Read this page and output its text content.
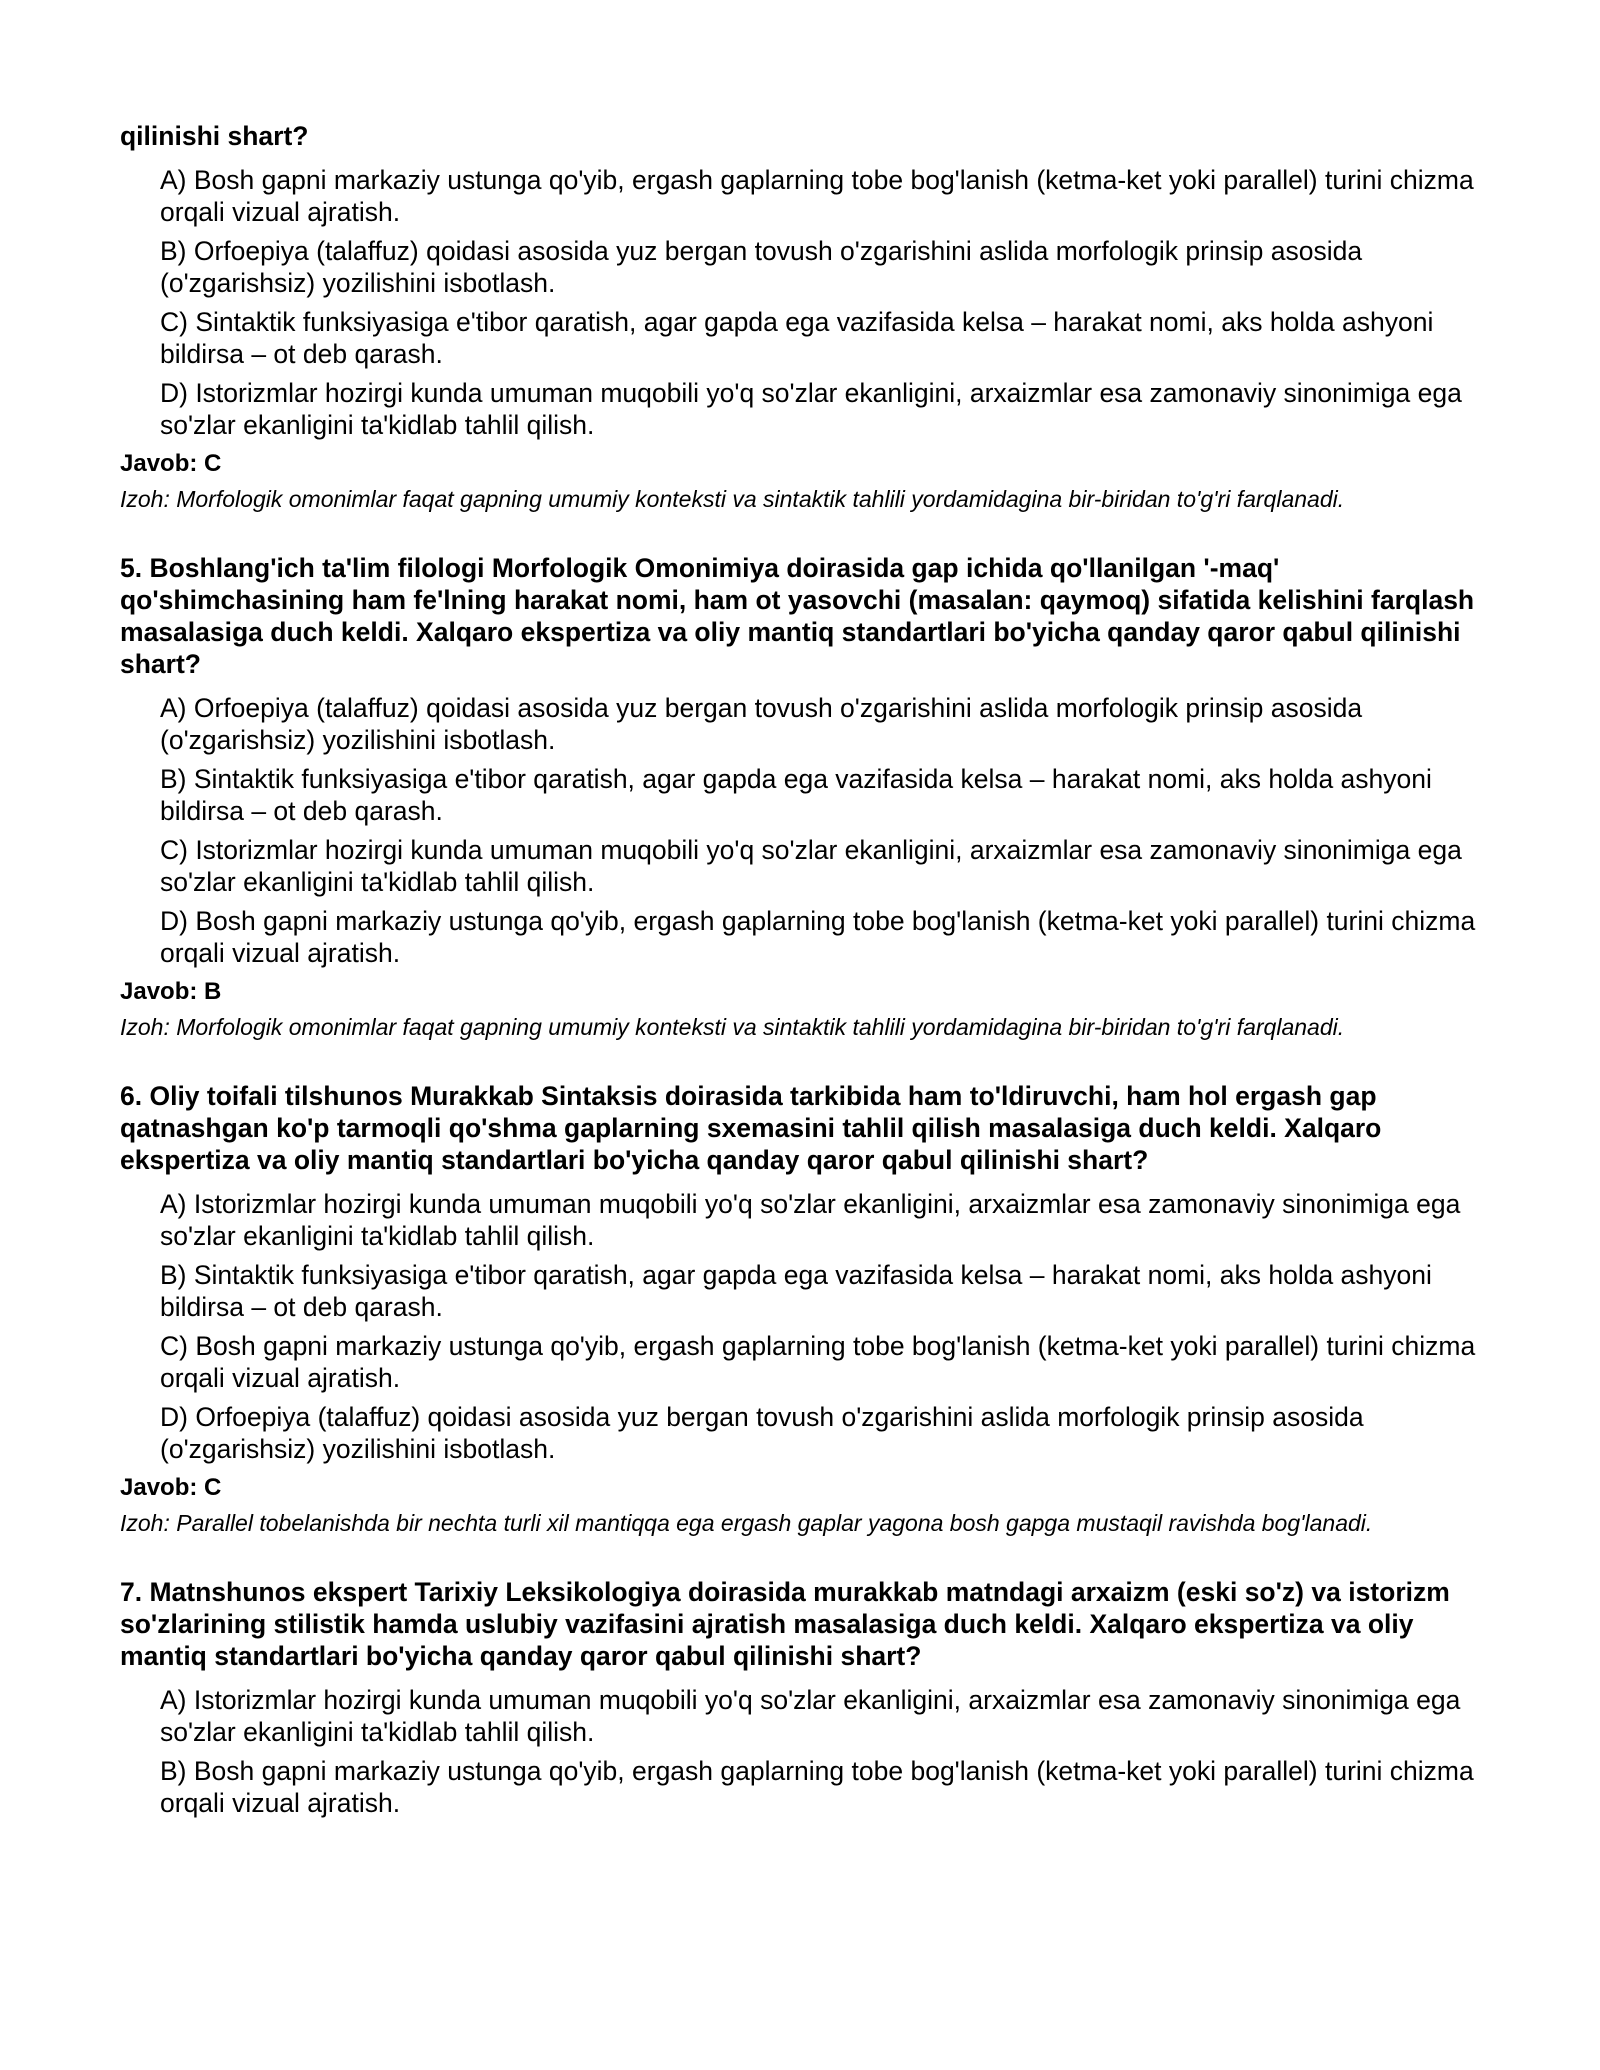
qilinishi shart?

A) Bosh gapni markaziy ustunga qo'yib, ergash gaplarning tobe bog'lanish (ketma-ket yoki parallel) turini chizma orqali vizual ajratish.

B) Orfoepiya (talaffuz) qoidasi asosida yuz bergan tovush o'zgarishini aslida morfologik prinsip asosida (o'zgarishsiz) yozilishini isbotlash.

C) Sintaktik funksiyasiga e'tibor qaratish, agar gapda ega vazifasida kelsa – harakat nomi, aks holda ashyoni bildirsa – ot deb qarash.

D) Istorizmlar hozirgi kunda umuman muqobili yo'q so'zlar ekanligini, arxaizmlar esa zamonaviy sinonimiga ega so'zlar ekanligini ta'kidlab tahlil qilish.

Javob: C

Izoh: Morfologik omonimlar faqat gapning umumiy konteksti va sintaktik tahlili yordamidagina bir-biridan to'g'ri farqlanadi.

5. Boshlang'ich ta'lim filologi Morfologik Omonimiya doirasida gap ichida qo'llanilgan '-maq' qo'shimchasining ham fe'lning harakat nomi, ham ot yasovchi (masalan: qaymoq) sifatida kelishini farqlash masalasiga duch keldi. Xalqaro ekspertiza va oliy mantiq standartlari bo'yicha qanday qaror qabul qilinishi shart?

A) Orfoepiya (talaffuz) qoidasi asosida yuz bergan tovush o'zgarishini aslida morfologik prinsip asosida (o'zgarishsiz) yozilishini isbotlash.

B) Sintaktik funksiyasiga e'tibor qaratish, agar gapda ega vazifasida kelsa – harakat nomi, aks holda ashyoni bildirsa – ot deb qarash.

C) Istorizmlar hozirgi kunda umuman muqobili yo'q so'zlar ekanligini, arxaizmlar esa zamonaviy sinonimiga ega so'zlar ekanligini ta'kidlab tahlil qilish.

D) Bosh gapni markaziy ustunga qo'yib, ergash gaplarning tobe bog'lanish (ketma-ket yoki parallel) turini chizma orqali vizual ajratish.

Javob: B

Izoh: Morfologik omonimlar faqat gapning umumiy konteksti va sintaktik tahlili yordamidagina bir-biridan to'g'ri farqlanadi.

6. Oliy toifali tilshunos Murakkab Sintaksis doirasida tarkibida ham to'ldiruvchi, ham hol ergash gap qatnashgan ko'p tarmoqli qo'shma gaplarning sxemasini tahlil qilish masalasiga duch keldi. Xalqaro ekspertiza va oliy mantiq standartlari bo'yicha qanday qaror qabul qilinishi shart?

A) Istorizmlar hozirgi kunda umuman muqobili yo'q so'zlar ekanligini, arxaizmlar esa zamonaviy sinonimiga ega so'zlar ekanligini ta'kidlab tahlil qilish.

B) Sintaktik funksiyasiga e'tibor qaratish, agar gapda ega vazifasida kelsa – harakat nomi, aks holda ashyoni bildirsa – ot deb qarash.

C) Bosh gapni markaziy ustunga qo'yib, ergash gaplarning tobe bog'lanish (ketma-ket yoki parallel) turini chizma orqali vizual ajratish.

D) Orfoepiya (talaffuz) qoidasi asosida yuz bergan tovush o'zgarishini aslida morfologik prinsip asosida (o'zgarishsiz) yozilishini isbotlash.

Javob: C

Izoh: Parallel tobelanishda bir nechta turli xil mantiqqa ega ergash gaplar yagona bosh gapga mustaqil ravishda bog'lanadi.

7. Matnshunos ekspert Tarixiy Leksikologiya doirasida murakkab matndagi arxaizm (eski so'z) va istorizm so'zlarining stilistik hamda uslubiy vazifasini ajratish masalasiga duch keldi. Xalqaro ekspertiza va oliy mantiq standartlari bo'yicha qanday qaror qabul qilinishi shart?

A) Istorizmlar hozirgi kunda umuman muqobili yo'q so'zlar ekanligini, arxaizmlar esa zamonaviy sinonimiga ega so'zlar ekanligini ta'kidlab tahlil qilish.

B) Bosh gapni markaziy ustunga qo'yib, ergash gaplarning tobe bog'lanish (ketma-ket yoki parallel) turini chizma orqali vizual ajratish.
